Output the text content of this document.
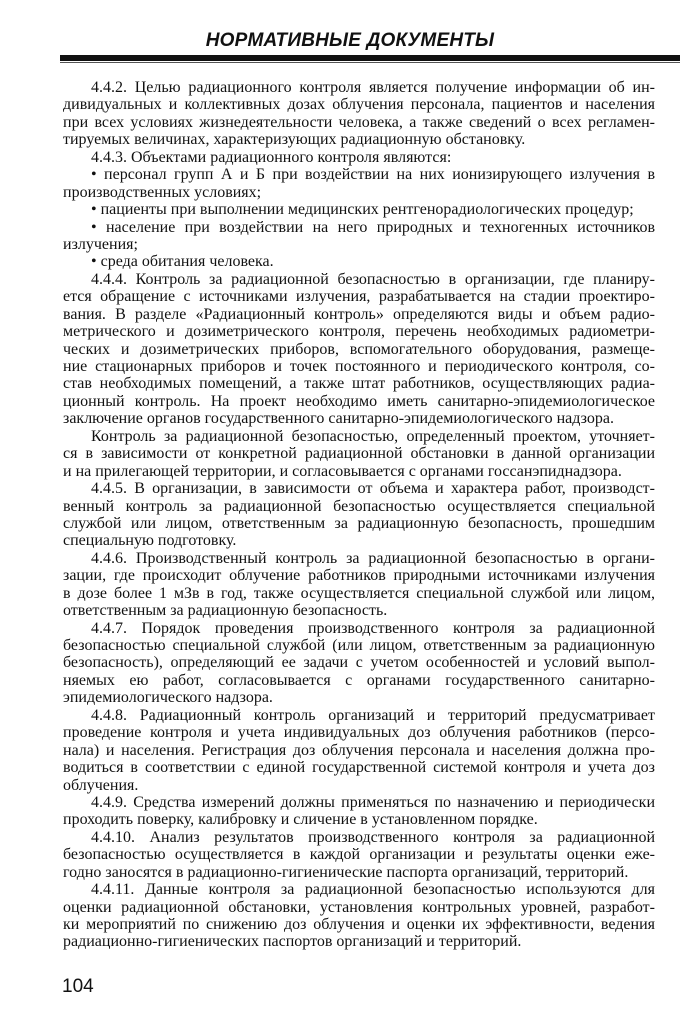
НОРМАТИВНЫЕ ДОКУМЕНТЫ
4.4.2. Целью радиационного контроля является получение информации об ин-
дивидуальных и коллективных дозах облучения персонала, пациентов и населения
при всех условиях жизнедеятельности человека, а также сведений о всех регламен-
тируемых величинах, характеризующих радиационную обстановку.
4.4.3. Объектами радиационного контроля являются:
• персонал групп А и Б при воздействии на них ионизирующего излучения в
производственных условиях;
• пациенты при выполнении медицинских рентгенорадиологических процедур;
• население при воздействии на него природных и техногенных источников
излучения;
• среда обитания человека.
4.4.4. Контроль за радиационной безопасностью в организации, где планиру-
ется обращение с источниками излучения, разрабатывается на стадии проектиро-
вания. В разделе «Радиационный контроль» определяются виды и объем радио-
метрического и дозиметрического контроля, перечень необходимых радиометри-
ческих и дозиметрических приборов, вспомогательного оборудования, размеще-
ние стационарных приборов и точек постоянного и периодического контроля, со-
став необходимых помещений, а также штат работников, осуществляющих радиа-
ционный контроль. На проект необходимо иметь санитарно-эпидемиологическое
заключение органов государственного санитарно-эпидемиологического надзора.
Контроль за радиационной безопасностью, определенный проектом, уточняет-
ся в зависимости от конкретной радиационной обстановки в данной организации
и на прилегающей территории, и согласовывается с органами госсанэпиднадзора.
4.4.5. В организации, в зависимости от объема и характера работ, производст-
венный контроль за радиационной безопасностью осуществляется специальной
службой или лицом, ответственным за радиационную безопасность, прошедшим
специальную подготовку.
4.4.6. Производственный контроль за радиационной безопасностью в органи-
зации, где происходит облучение работников природными источниками излучения
в дозе более 1 мЗв в год, также осуществляется специальной службой или лицом,
ответственным за радиационную безопасность.
4.4.7. Порядок проведения производственного контроля за радиационной
безопасностью специальной службой (или лицом, ответственным за радиационную
безопасность), определяющий ее задачи с учетом особенностей и условий выпол-
няемых ею работ, согласовывается с органами государственного санитарно-
эпидемиологического надзора.
4.4.8. Радиационный контроль организаций и территорий предусматривает
проведение контроля и учета индивидуальных доз облучения работников (персо-
нала) и населения. Регистрация доз облучения персонала и населения должна про-
водиться в соответствии с единой государственной системой контроля и учета доз
облучения.
4.4.9. Средства измерений должны применяться по назначению и периодически
проходить поверку, калибровку и сличение в установленном порядке.
4.4.10. Анализ результатов производственного контроля за радиационной
безопасностью осуществляется в каждой организации и результаты оценки еже-
годно заносятся в радиационно-гигиенические паспорта организаций, территорий.
4.4.11. Данные контроля за радиационной безопасностью используются для
оценки радиационной обстановки, установления контрольных уровней, разработ-
ки мероприятий по снижению доз облучения и оценки их эффективности, ведения
радиационно-гигиенических паспортов организаций и территорий.
104
